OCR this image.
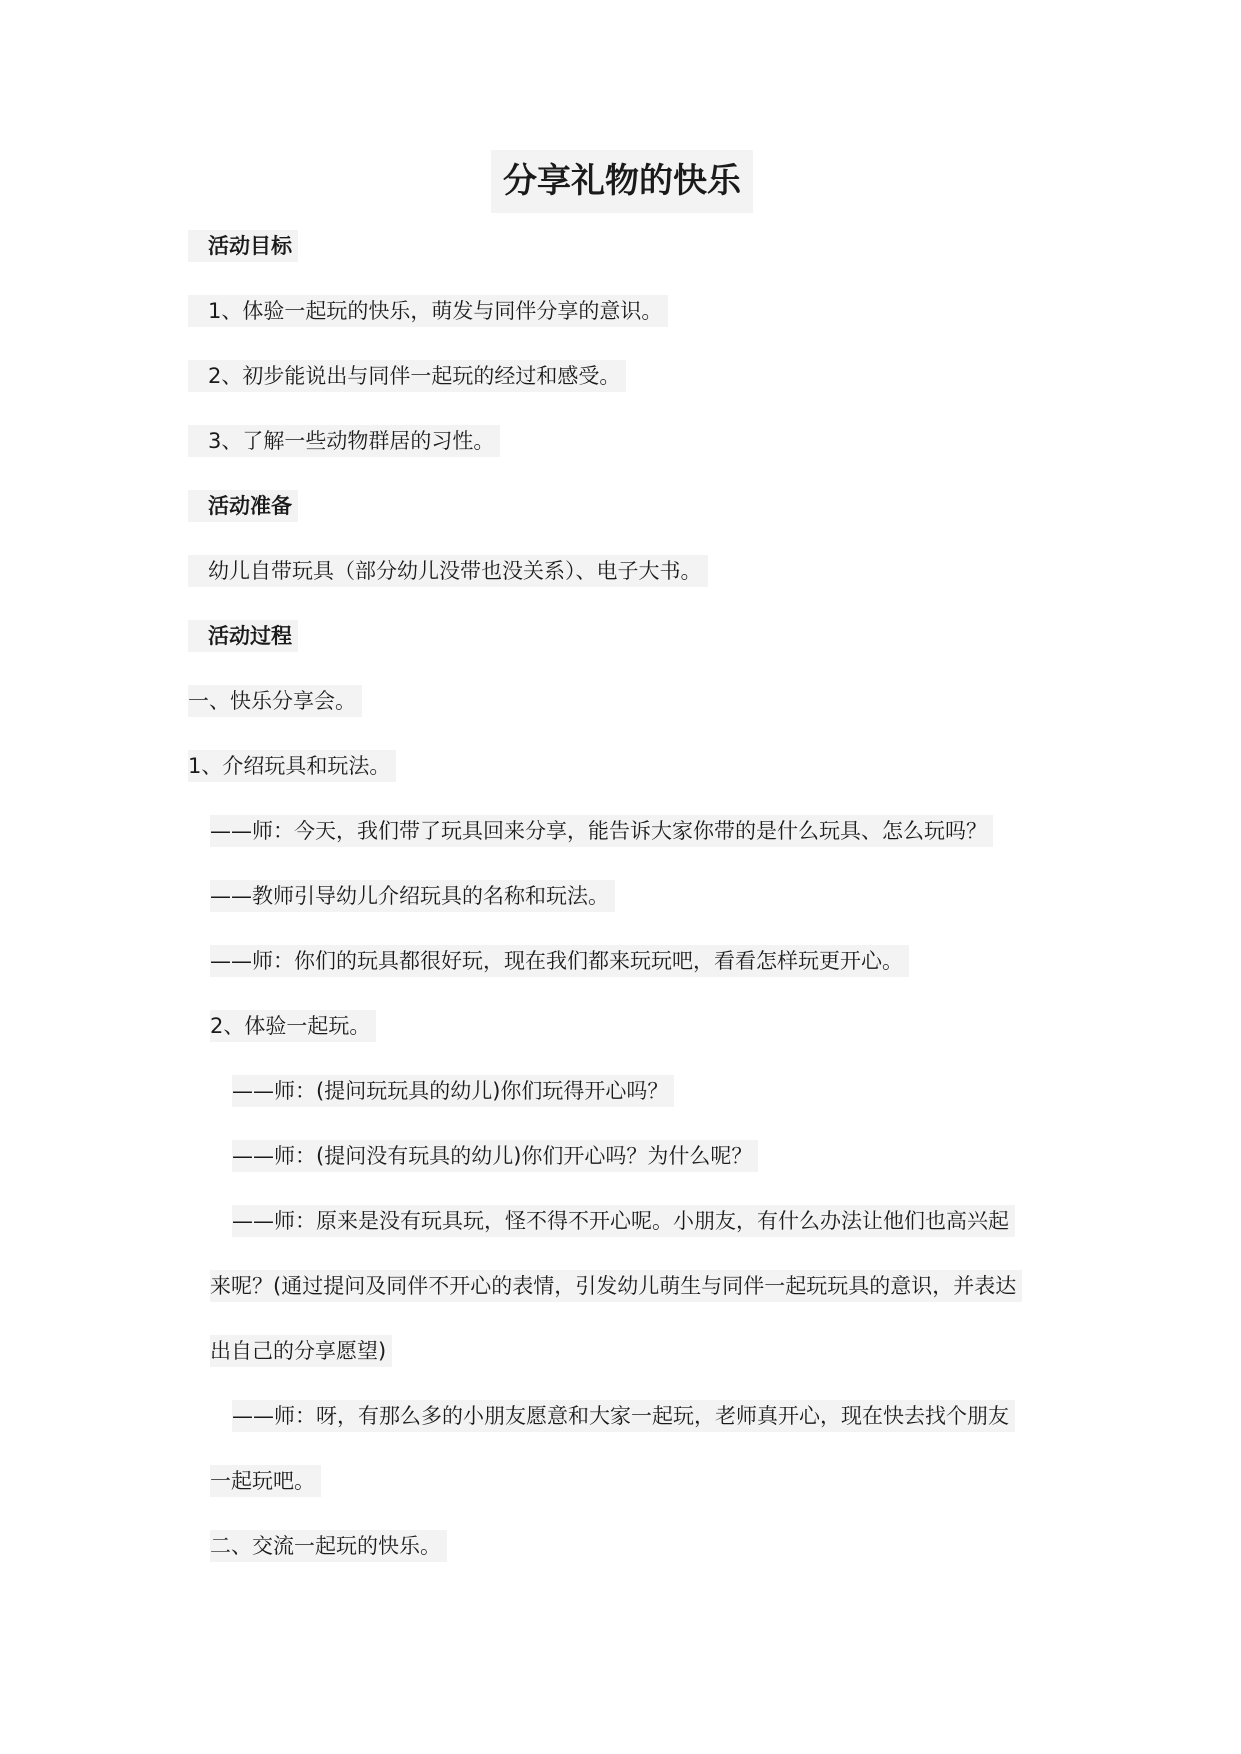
分享礼物的快乐
活动目标
1、体验一起玩的快乐，萌发与同伴分享的意识。
2、初步能说出与同伴一起玩的经过和感受。
3、了解一些动物群居的习性。
活动准备
幼儿自带玩具（部分幼儿没带也没关系）、电子大书。
活动过程
一、快乐分享会。
1、介绍玩具和玩法。
——师：今天，我们带了玩具回来分享，能告诉大家你带的是什么玩具、怎么玩吗？
——教师引导幼儿介绍玩具的名称和玩法。
——师：你们的玩具都很好玩，现在我们都来玩玩吧，看看怎样玩更开心。
2、体验一起玩。
——师：(提问玩玩具的幼儿)你们玩得开心吗？
——师：(提问没有玩具的幼儿)你们开心吗？为什么呢？
——师：原来是没有玩具玩，怪不得不开心呢。小朋友，有什么办法让他们也高兴起
来呢？(通过提问及同伴不开心的表情，引发幼儿萌生与同伴一起玩玩具的意识，并表达
出自己的分享愿望)
——师：呀，有那么多的小朋友愿意和大家一起玩，老师真开心，现在快去找个朋友
一起玩吧。
二、交流一起玩的快乐。
